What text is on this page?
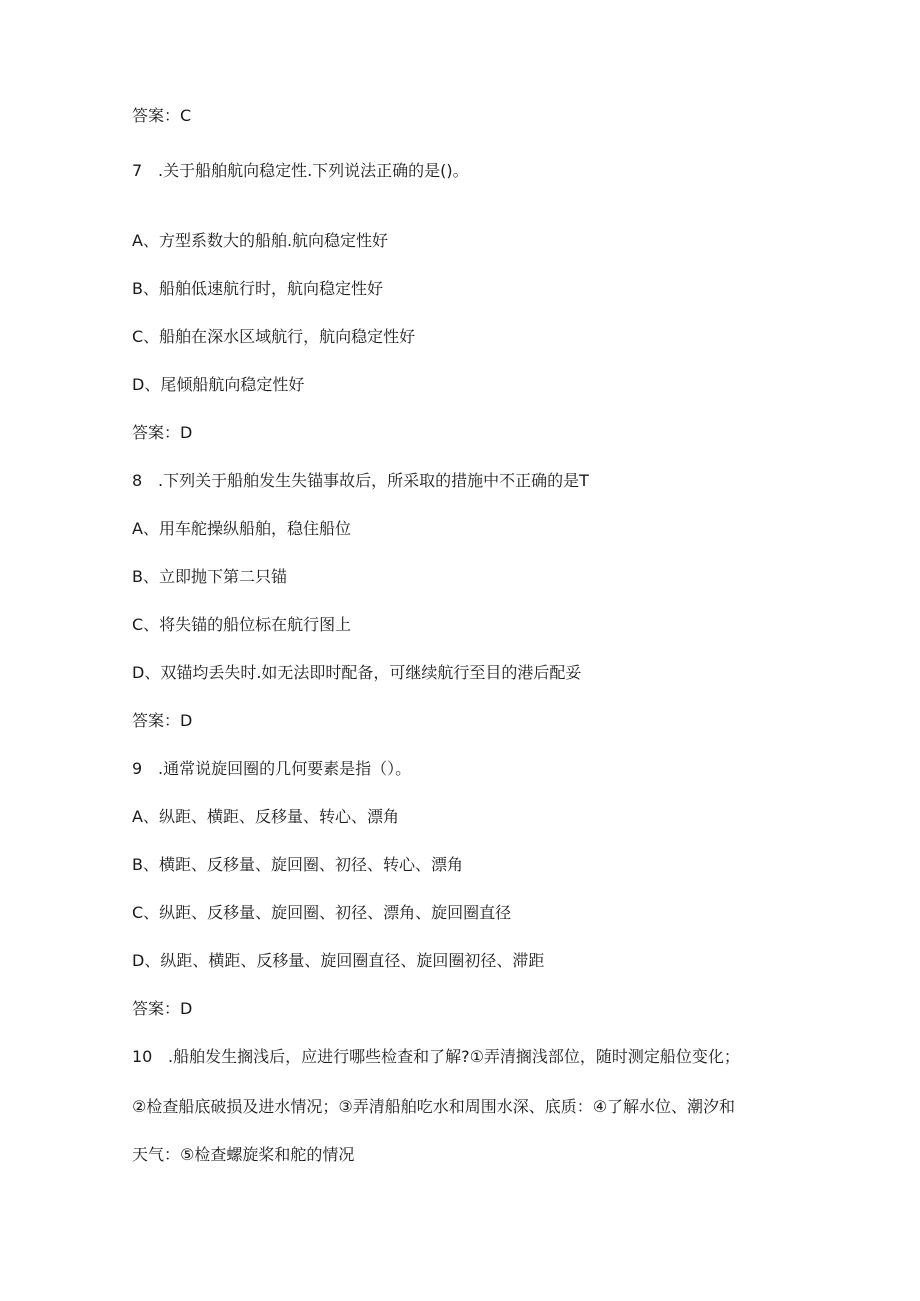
答案：C

7 .关于船舶航向稳定性.下列说法正确的是()。

A、方型系数大的船舶.航向稳定性好

B、船舶低速航行时，航向稳定性好

C、船舶在深水区域航行，航向稳定性好

D、尾倾船航向稳定性好

答案：D

8 .下列关于船舶发生失锚事故后，所采取的措施中不正确的是T

A、用车舵操纵船舶，稳住船位

B、立即抛下第二只锚

C、将失锚的船位标在航行图上

D、双锚均丢失时.如无法即时配备，可继续航行至目的港后配妥

答案：D

9 .通常说旋回圈的几何要素是指（）。

A、纵距、横距、反移量、转心、漂角

B、横距、反移量、旋回圈、初径、转心、漂角

C、纵距、反移量、旋回圈、初径、漂角、旋回圈直径

D、纵距、横距、反移量、旋回圈直径、旋回圈初径、滞距

答案：D

10 .船舶发生搁浅后，应进行哪些检查和了解?①弄清搁浅部位，随时测定船位变化；

②检查船底破损及进水情况；③弄清船舶吃水和周围水深、底质：④了解水位、潮汐和

天气：⑤检查螺旋桨和舵的情况
